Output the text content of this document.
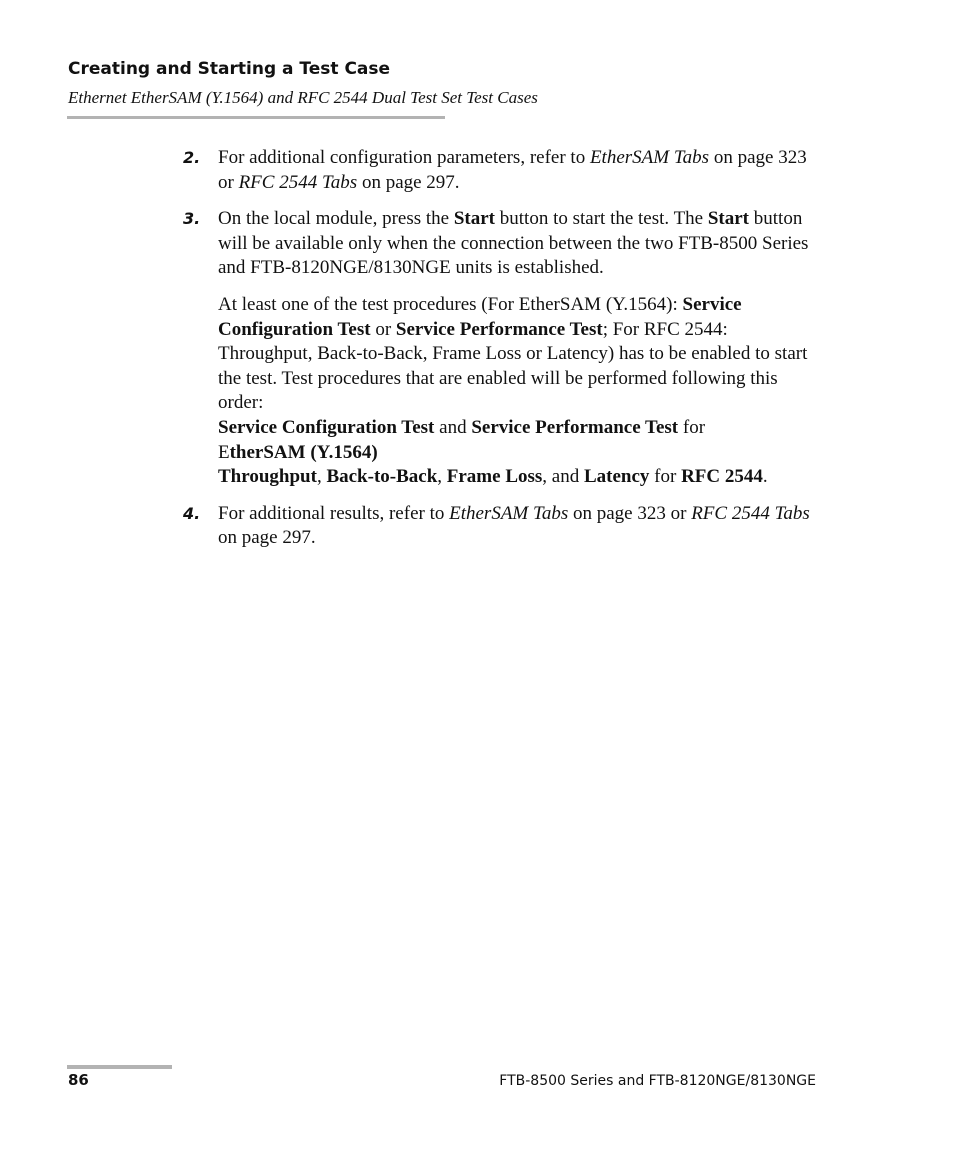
Creating and Starting a Test Case
Ethernet EtherSAM (Y.1564) and RFC 2544 Dual Test Set Test Cases
2. For additional configuration parameters, refer to EtherSAM Tabs on page 323 or RFC 2544 Tabs on page 297.

3. On the local module, press the Start button to start the test. The Start button will be available only when the connection between the two FTB-8500 Series and FTB-8120NGE/8130NGE units is established.

At least one of the test procedures (For EtherSAM (Y.1564): Service Configuration Test or Service Performance Test; For RFC 2544: Throughput, Back-to-Back, Frame Loss or Latency) has to be enabled to start the test. Test procedures that are enabled will be performed following this order:
Service Configuration Test and Service Performance Test for
EtherSAM (Y.1564)
Throughput, Back-to-Back, Frame Loss, and Latency for RFC 2544.

4. For additional results, refer to EtherSAM Tabs on page 323 or RFC 2544 Tabs on page 297.

86	FTB-8500 Series and FTB-8120NGE/8130NGE
